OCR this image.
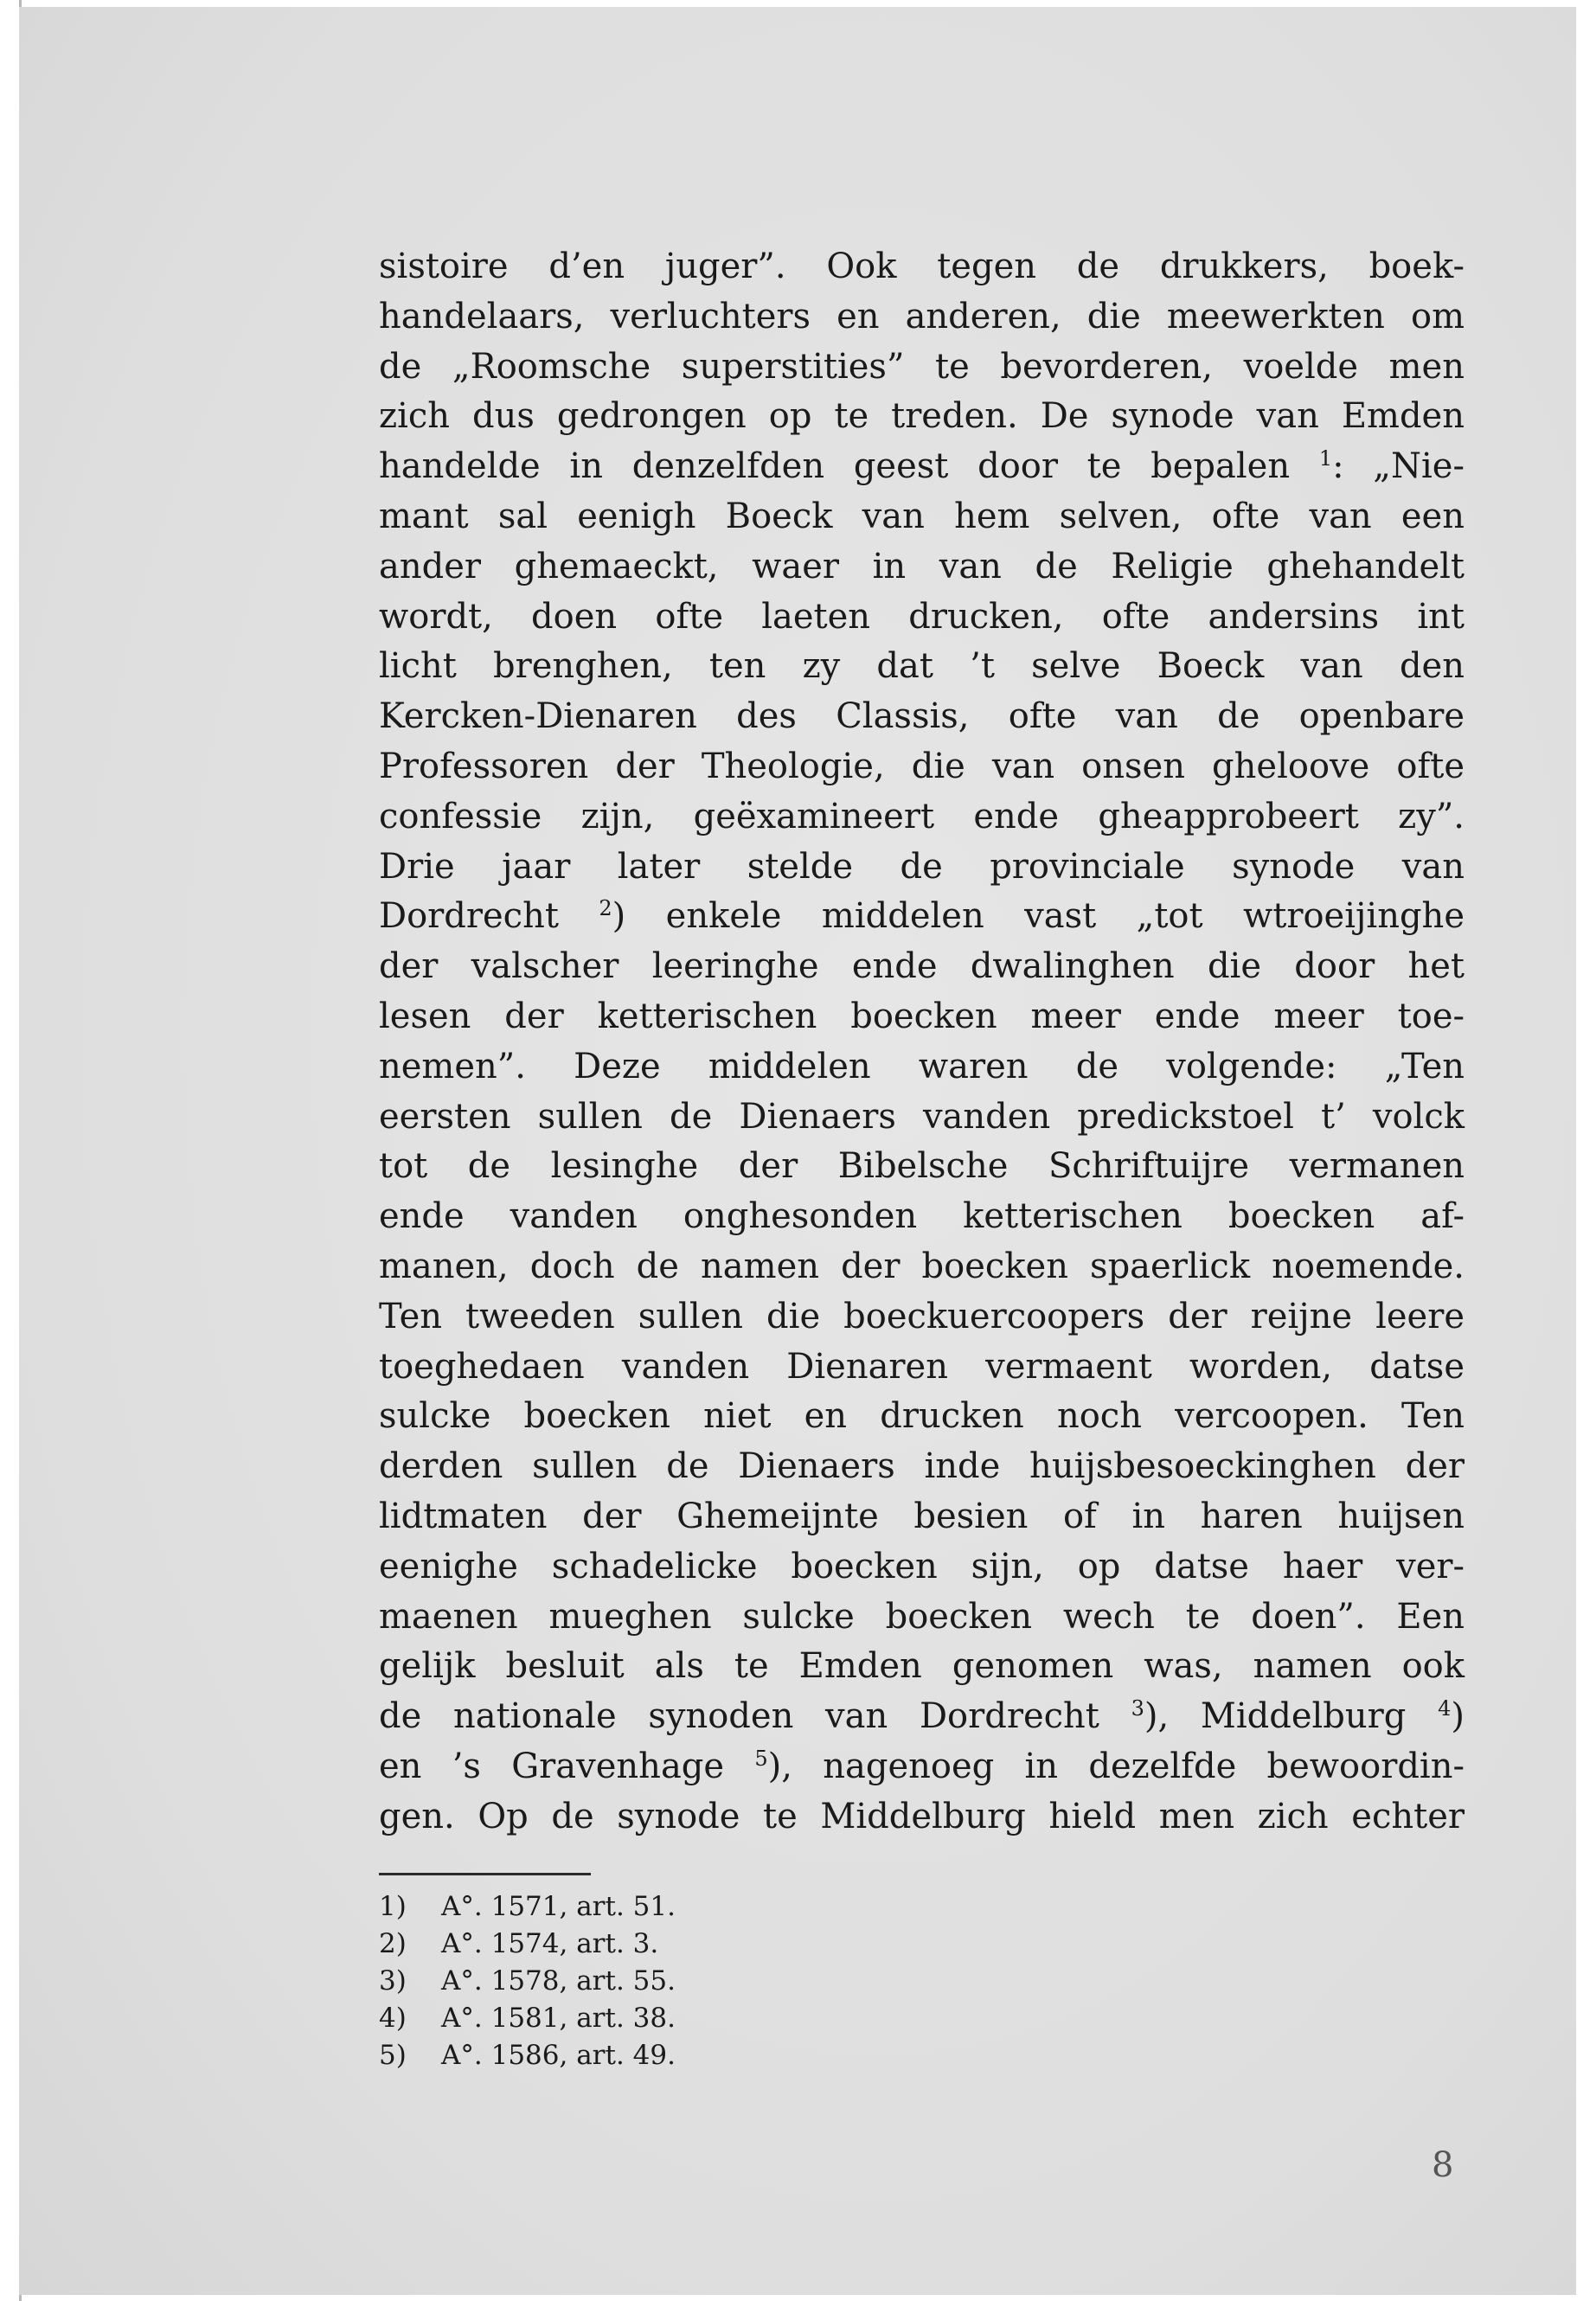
sistoire d’en juger”. Ook tegen de drukkers, boek-
handelaars, verluchters en anderen, die meewerkten om
de „Roomsche superstities” te bevorderen, voelde men
zich dus gedrongen op te treden. De synode van Emden
handelde in denzelfden geest door te bepalen $^1$: „Nie-
mant sal eenigh Boeck van hem selven, ofte van een
ander ghemaeckt, waer in van de Religie ghehandelt
wordt, doen ofte laeten drucken, ofte andersins int
licht brenghen, ten zy dat ’t selve Boeck van den
Kercken-Dienaren des Classis, ofte van de openbare
Professoren der Theologie, die van onsen gheloove ofte
confessie zijn, geëxamineert ende gheapprobeert zy”.
Drie jaar later stelde de provinciale synode van
Dordrecht $^2$) enkele middelen vast „tot wtroeijinghe
der valscher leeringhe ende dwalinghen die door het
lesen der ketterischen boecken meer ende meer toe-
nemen”. Deze middelen waren de volgende: „Ten
eersten sullen de Dienaers vanden predickstoel t’ volck
tot de lesinghe der Bibelsche Schriftuijre vermanen
ende vanden onghesonden ketterischen boecken af-
manen, doch de namen der boecken spaerlick noemende.
Ten tweeden sullen die boeckuercoopers der reijne leere
toeghedaen vanden Dienaren vermaent worden, datse
sulcke boecken niet en drucken noch vercoopen. Ten
derden sullen de Dienaers inde huijsbesoeckinghen der
lidtmaten der Ghemeijnte besien of in haren huijsen
eenighe schadelicke boecken sijn, op datse haer ver-
maenen mueghen sulcke boecken wech te doen”. Een
gelijk besluit als te Emden genomen was, namen ook
de nationale synoden van Dordrecht $^3$), Middelburg $^4$)
en ’s Gravenhage $^5$), nagenoeg in dezelfde bewoordin-
gen. Op de synode te Middelburg hield men zich echter
1) A°. 1571, art. 51.
2) A°. 1574, art. 3.
3) A°. 1578, art. 55.
4) A°. 1581, art. 38.
5) A°. 1586, art. 49.
8
